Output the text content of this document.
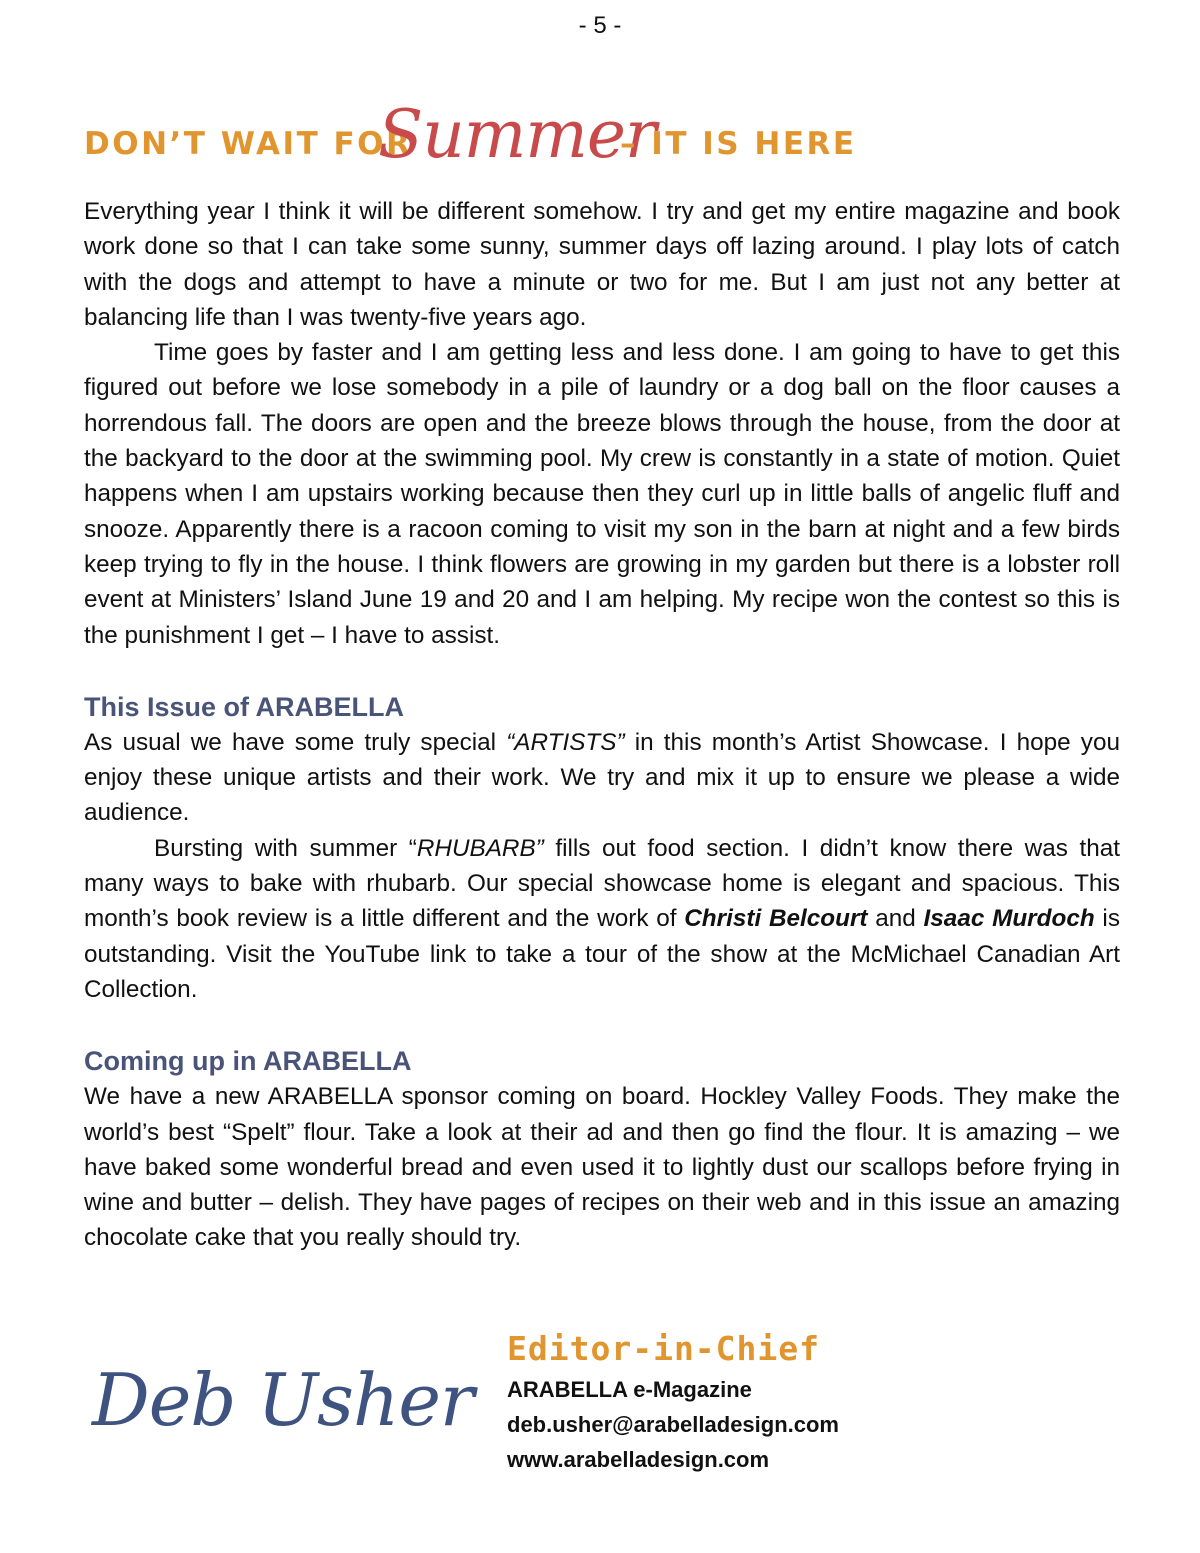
- 5 -
DON’T WAIT FOR
Summer
– IT IS HERE

Everything year I think it will be different somehow. I try and get my entire magazine and book work done so that I can take some sunny, summer days off lazing around. I play lots of catch with the dogs and attempt to have a minute or two for me. But I am just not any better at balancing life than I was twenty-five years ago.

Time goes by faster and I am getting less and less done. I am going to have to get this figured out before we lose somebody in a pile of laundry or a dog ball on the floor causes a horrendous fall. The doors are open and the breeze blows through the house, from the door at the backyard to the door at the swimming pool. My crew is constantly in a state of motion. Quiet happens when I am upstairs working because then they curl up in little balls of angelic fluff and snooze. Apparently there is a racoon coming to visit my son in the barn at night and a few birds keep trying to fly in the house. I think flowers are growing in my garden but there is a lobster roll event at Ministers’ Island June 19 and 20 and I am helping. My recipe won the contest so this is the punishment I get – I have to assist.

This Issue of ARABELLA

As usual we have some truly special “ARTISTS” in this month’s Artist Showcase. I hope you enjoy these unique artists and their work. We try and mix it up to ensure we please a wide audience.

Bursting with summer “RHUBARB” fills out food section. I didn’t know there was that many ways to bake with rhubarb. Our special showcase home is elegant and spacious. This month’s book review is a little different and the work of Christi Belcourt and Isaac Murdoch is outstanding. Visit the YouTube link to take a tour of the show at the McMichael Canadian Art Collection.

Coming up in ARABELLA

We have a new ARABELLA sponsor coming on board. Hockley Valley Foods. They make the world’s best “Spelt” flour. Take a look at their ad and then go find the flour. It is amazing – we have baked some wonderful bread and even used it to lightly dust our scallops before frying in wine and butter – delish. They have pages of recipes on their web and in this issue an amazing chocolate cake that you really should try.

Deb Usher
Editor-in-Chief
ARABELLA e-Magazine
deb.usher@arabelladesign.com
www.arabelladesign.com
